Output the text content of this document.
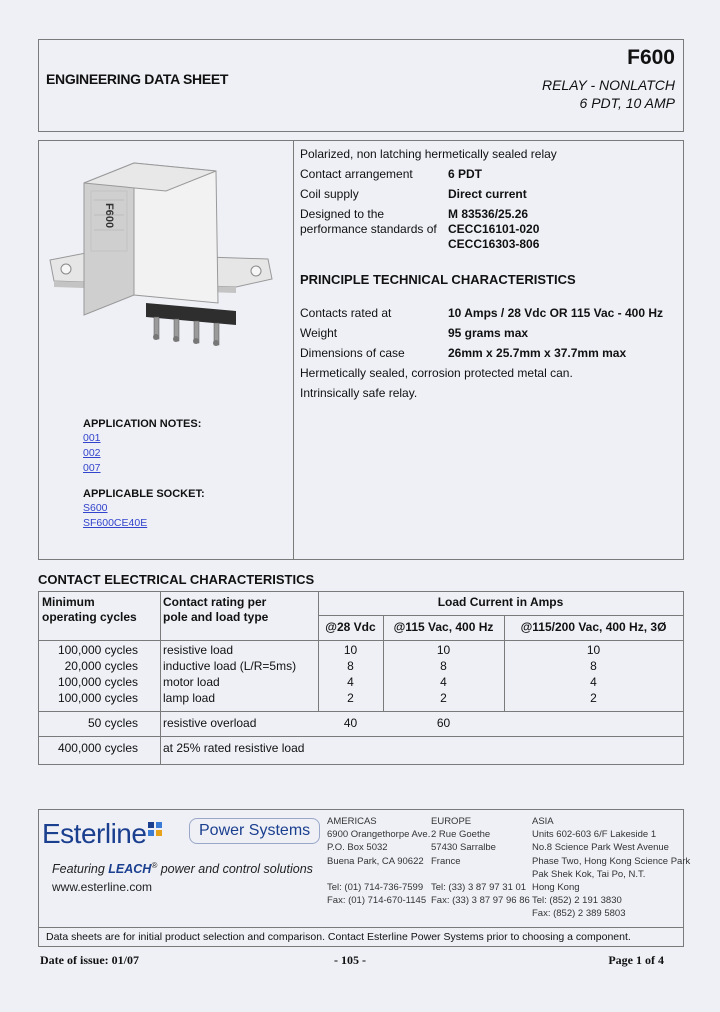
ENGINEERING DATA SHEET
F600
RELAY - NONLATCH
6 PDT, 10 AMP
F600
APPLICATION NOTES:
001
002
007
APPLICABLE SOCKET:
S600
SF600CE40E
Polarized, non latching hermetically sealed relay
Contact arrangement	6 PDT
Coil supply	Direct current
Designed to the
performance standards of
M 83536/25.26
CECC16101-020
CECC16303-806
PRINCIPLE TECHNICAL CHARACTERISTICS
Contacts rated at	10 Amps / 28 Vdc OR 115 Vac - 400 Hz
Weight	95 grams max
Dimensions of case	26mm x 25.7mm x 37.7mm max
Hermetically sealed, corrosion protected metal can.
Intrinsically safe relay.
CONTACT ELECTRICAL CHARACTERISTICS
Minimum
operating cycles
Contact rating per
pole and load type
Load Current in Amps
@28 Vdc	@115 Vac, 400 Hz	@115/200 Vac, 400 Hz, 3Ø
100,000 cycles resistive load	10	10	10
20,000 cycles inductive load (L/R=5ms)	8	8	8
100,000 cycles motor load	4	4	4
100,000 cycles lamp load	2	2	2
50 cycles resistive overload	40	60
400,000 cycles at 25% rated resistive load
Esterline	Power Systems
Featuring LEACH® power and control solutions
www.esterline.com
AMERICAS
6900 Orangethorpe Ave.
P.O. Box 5032
Buena Park, CA 90622

Tel: (01) 714-736-7599
Fax: (01) 714-670-1145
EUROPE
2 Rue Goethe
57430 Sarralbe
France

Tel: (33) 3 87 97 31 01
Fax: (33) 3 87 97 96 86
ASIA
Units 602-603 6/F Lakeside 1
No.8 Science Park West Avenue
Phase Two, Hong Kong Science Park
Pak Shek Kok, Tai Po, N.T.
Hong Kong
Tel: (852) 2 191 3830
Fax: (852) 2 389 5803
Data sheets are for initial product selection and comparison. Contact Esterline Power Systems prior to choosing a component.
Date of issue: 01/07	- 105 -	Page 1 of 4
